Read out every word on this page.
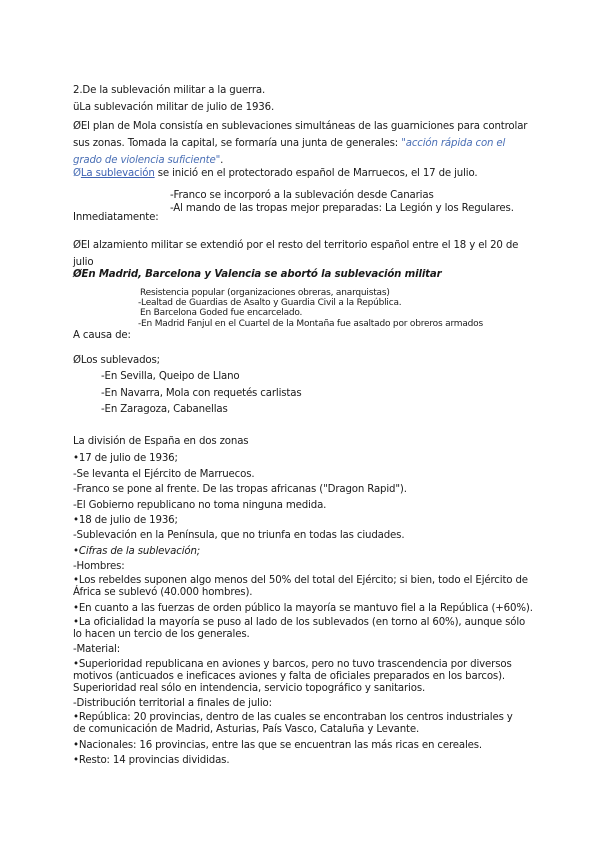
2.De la sublevación militar a la guerra.

üLa sublevación militar de julio de 1936.

ØEl plan de Mola consistía en sublevaciones simultáneas de las guarniciones para controlar sus zonas. Tomada la capital, se formaría una junta de generales: "acción rápida con el grado de violencia suficiente".

ØLa sublevación se inició en el protectorado español de Marruecos, el 17 de julio.

-Franco se incorporó a la sublevación desde Canarias

-Al mando de las tropas mejor preparadas: La Legión y los Regulares.

Inmediatamente:

ØEl alzamiento militar se extendió por el resto del territorio español entre el 18 y el 20 de julio

ØEn Madrid, Barcelona y Valencia se abortó la sublevación militar

Resistencia popular (organizaciones obreras, anarquistas)

-Lealtad de Guardias de Asalto y Guardia Civil a la República.

En Barcelona Goded fue encarcelado.

-En Madrid Fanjul en el Cuartel de la Montaña fue asaltado por obreros armados

A causa de:

ØLos sublevados;

-En Sevilla, Queipo de Llano

-En Navarra, Mola con requetés carlistas

-En Zaragoza, Cabanellas

La división de España en dos zonas

•17 de julio de 1936;

-Se levanta el Ejército de Marruecos.

-Franco se pone al frente. De las tropas africanas ("Dragon Rapid").

-El Gobierno republicano no toma ninguna medida.

•18 de julio de 1936;

-Sublevación en la Península, que no triunfa en todas las ciudades.

•Cifras de la sublevación;

-Hombres:

•Los rebeldes suponen algo menos del 50% del total del Ejército; si bien, todo el Ejército de África se sublevó (40.000 hombres).

•En cuanto a las fuerzas de orden público la mayoría se mantuvo fiel a la República (+60%).

•La oficialidad la mayoría se puso al lado de los sublevados (en torno al 60%), aunque sólo lo hacen un tercio de los generales.

-Material:

•Superioridad republicana en aviones y barcos, pero no tuvo trascendencia por diversos motivos (anticuados e ineficaces aviones y falta de oficiales preparados en los barcos). Superioridad real sólo en intendencia, servicio topográfico y sanitarios.

-Distribución territorial a finales de julio:

•República: 20 provincias, dentro de las cuales se encontraban los centros industriales y de comunicación de Madrid, Asturias, País Vasco, Cataluña y Levante.

•Nacionales: 16 provincias, entre las que se encuentran las más ricas en cereales.

•Resto: 14 provincias divididas.
